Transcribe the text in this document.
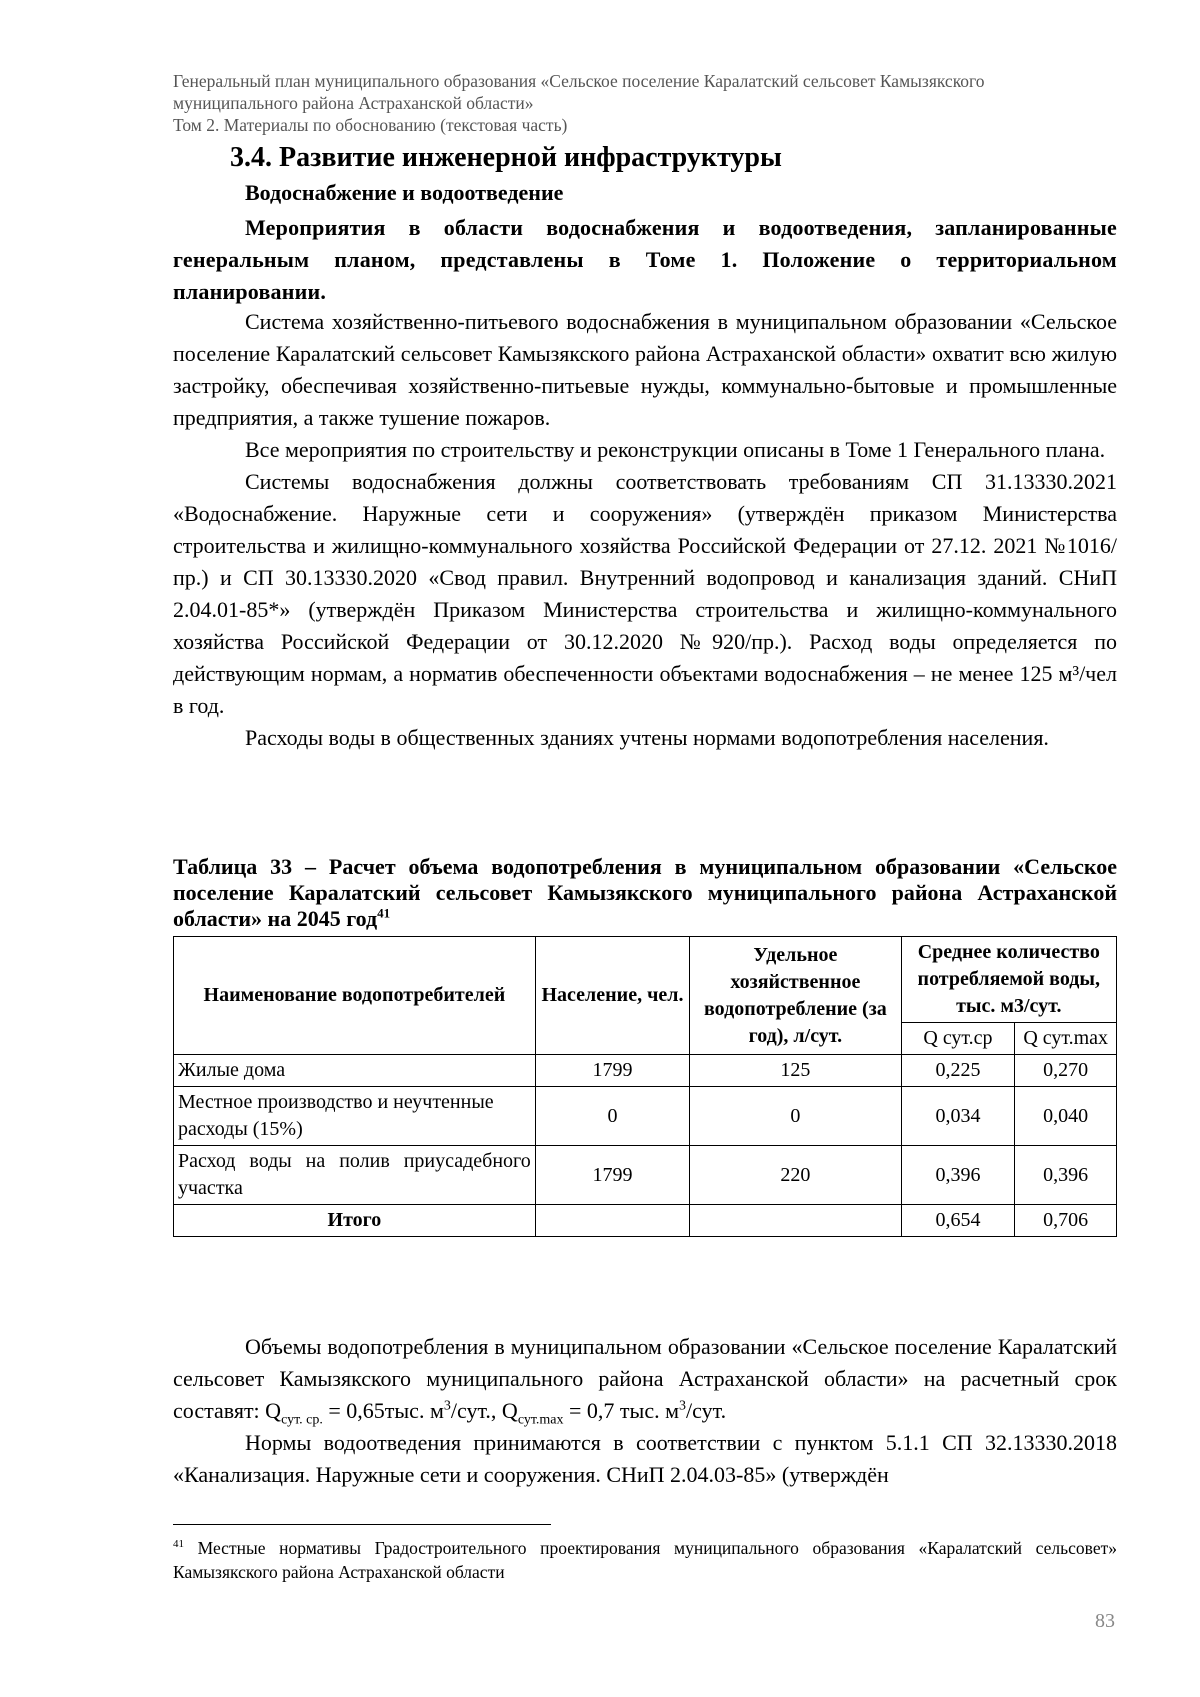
Генеральный план муниципального образования «Сельское поселение Каралатский сельсовет Камызякского
муниципального района Астраханской области»
Том 2. Материалы по обоснованию (текстовая часть)
3.4. Развитие инженерной инфраструктуры
Водоснабжение и водоотведение

Мероприятия в области водоснабжения и водоотведения, запланированные генеральным планом, представлены в Томе 1. Положение о территориальном планировании.

Система хозяйственно-питьевого водоснабжения в муниципальном образовании «Сельское поселение Каралатский сельсовет Камызякского района Астраханской области» охватит всю жилую застройку, обеспечивая хозяйственно-питьевые нужды, коммунально-бытовые и промышленные предприятия, а также тушение пожаров.

Все мероприятия по строительству и реконструкции описаны в Томе 1 Генерального плана.

Системы водоснабжения должны соответствовать требованиям СП 31.13330.2021 «Водоснабжение. Наружные сети и сооружения» (утверждён приказом Министерства строительства и жилищно-коммунального хозяйства Российской Федерации от 27.12. 2021 №1016/пр.) и СП 30.13330.2020 «Свод правил. Внутренний водопровод и канализация зданий. СНиП 2.04.01-85*» (утверждён Приказом Министерства строительства и жилищно-коммунального хозяйства Российской Федерации от 30.12.2020 №920/пр.). Расход воды определяется по действующим нормам, а норматив обеспеченности объектами водоснабжения – не менее 125 м³/чел в год.

Расходы воды в общественных зданиях учтены нормами водопотребления населения.

Таблица 33 – Расчет объема водопотребления в муниципальном образовании «Сельское поселение Каралатский сельсовет Камызякского муниципального района Астраханской области» на 2045 год$^{41}$
Наименование водопотребителей	Население, чел.	Удельное хозяйственное водопотребление (за год), л/сут.	Среднее количество потребляемой воды, тыс. м3/сут.	
			Q сут.ср	Q сут.max
Жилые дома	1799	125	0,225	0,270
Местное производство и неучтенные расходы (15%)	0	0	0,034	0,040
Расход воды на полив приусадебного участка	1799	220	0,396	0,396
Итого			0,654	0,706

Объемы водопотребления в муниципальном образовании «Сельское поселение Каралатский сельсовет Камызякского муниципального района Астраханской области» на расчетный срок составят: $Q_{сут. ср.} = 0,65тыс$. $м^3$/сут., $Q_{сут.max} = 0,7$ тыс. $м^3$/сут.

Нормы водоотведения принимаются в соответствии с пунктом 5.1.1 СП 32.13330.2018 «Канализация. Наружные сети и сооружения. СНиП 2.04.03-85» (утверждён

$^{41}$ Местные нормативы Градостроительного проектирования муниципального образования «Каралатский сельсовет» Камызякского района Астраханской области
83
